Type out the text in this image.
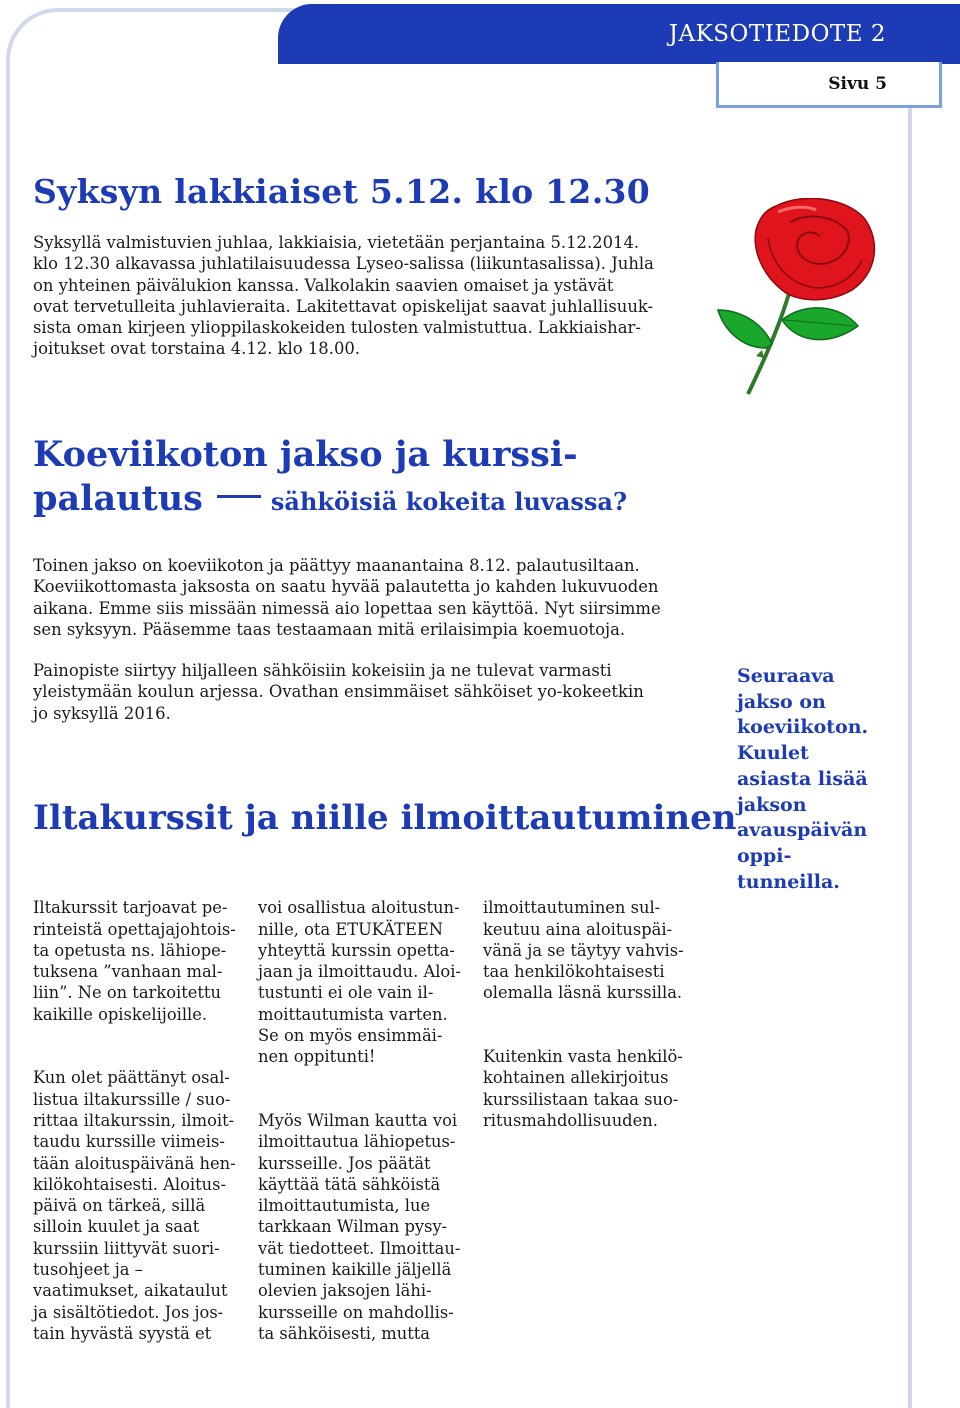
JAKSOTIEDOTE 2
Sivu 5
Syksyn lakkiaiset 5.12. klo 12.30

Syksyllä valmistuvien juhlaa, lakkiaisia, vietetään perjantaina 5.12.2014.
klo 12.30 alkavassa juhlatilaisuudessa Lyseo-salissa (liikuntasalissa). Juhla
on yhteinen päivälukion kanssa. Valkolakin saavien omaiset ja ystävät
ovat tervetulleita juhlavieraita. Lakitettavat opiskelijat saavat juhlallisuuk-
sista oman kirjeen ylioppilaskokeiden tulosten valmistuttua. Lakkiaishar-
joitukset ovat torstaina 4.12. klo 18.00.

Koeviikoton jakso ja kurssi-
palautus	sähköisiä kokeita luvassa?

Toinen jakso on koeviikoton ja päättyy maanantaina 8.12. palautusiltaan.
Koeviikottomasta jaksosta on saatu hyvää palautetta jo kahden lukuvuoden
aikana. Emme siis missään nimessä aio lopettaa sen käyttöä. Nyt siirsimme
sen syksyyn. Pääsemme taas testaamaan mitä erilaisimpia koemuotoja.

Painopiste siirtyy hiljalleen sähköisiin kokeisiin ja ne tulevat varmasti
yleistymään koulun arjessa. Ovathan ensimmäiset sähköiset yo-kokeetkin
jo syksyllä 2016.

Seuraava
jakso on
koeviikoton.
Kuulet
asiasta lisää
jakson
avauspäivän
oppi-
tunneilla.

Iltakurssit ja niille ilmoittautuminen

Iltakurssit tarjoavat pe-
rinteistä opettajajohtois-
ta opetusta ns. lähiope-
tuksena ”vanhaan mal-
liin”. Ne on tarkoitettu
kaikille opiskelijoille.

Kun olet päättänyt osal-
listua iltakurssille / suo-
rittaa iltakurssin, ilmoit-
taudu kurssille viimeis-
tään aloituspäivänä hen-
kilökohtaisesti. Aloitus-
päivä on tärkeä, sillä
silloin kuulet ja saat
kurssiin liittyvät suori-
tusohjeet ja –
vaatimukset, aikataulut
ja sisältötiedot. Jos jos-
tain hyvästä syystä et

voi osallistua aloitustun-
nille, ota ETUKÄTEEN
yhteyttä kurssin opetta-
jaan ja ilmoittaudu. Aloi-
tustunti ei ole vain il-
moittautumista varten.
Se on myös ensimmäi-
nen oppitunti!

Myös Wilman kautta voi
ilmoittautua lähiopetus-
kursseille. Jos päätät
käyttää tätä sähköistä
ilmoittautumista, lue
tarkkaan Wilman pysy-
vät tiedotteet. Ilmoittau-
tuminen kaikille jäljellä
olevien jaksojen lähi-
kursseille on mahdollis-
ta sähköisesti, mutta

ilmoittautuminen sul-
keutuu aina aloituspäi-
vänä ja se täytyy vahvis-
taa henkilökohtaisesti
olemalla läsnä kurssilla.

Kuitenkin vasta henkilö-
kohtainen allekirjoitus
kurssilistaan takaa suo-
ritusmahdollisuuden.
